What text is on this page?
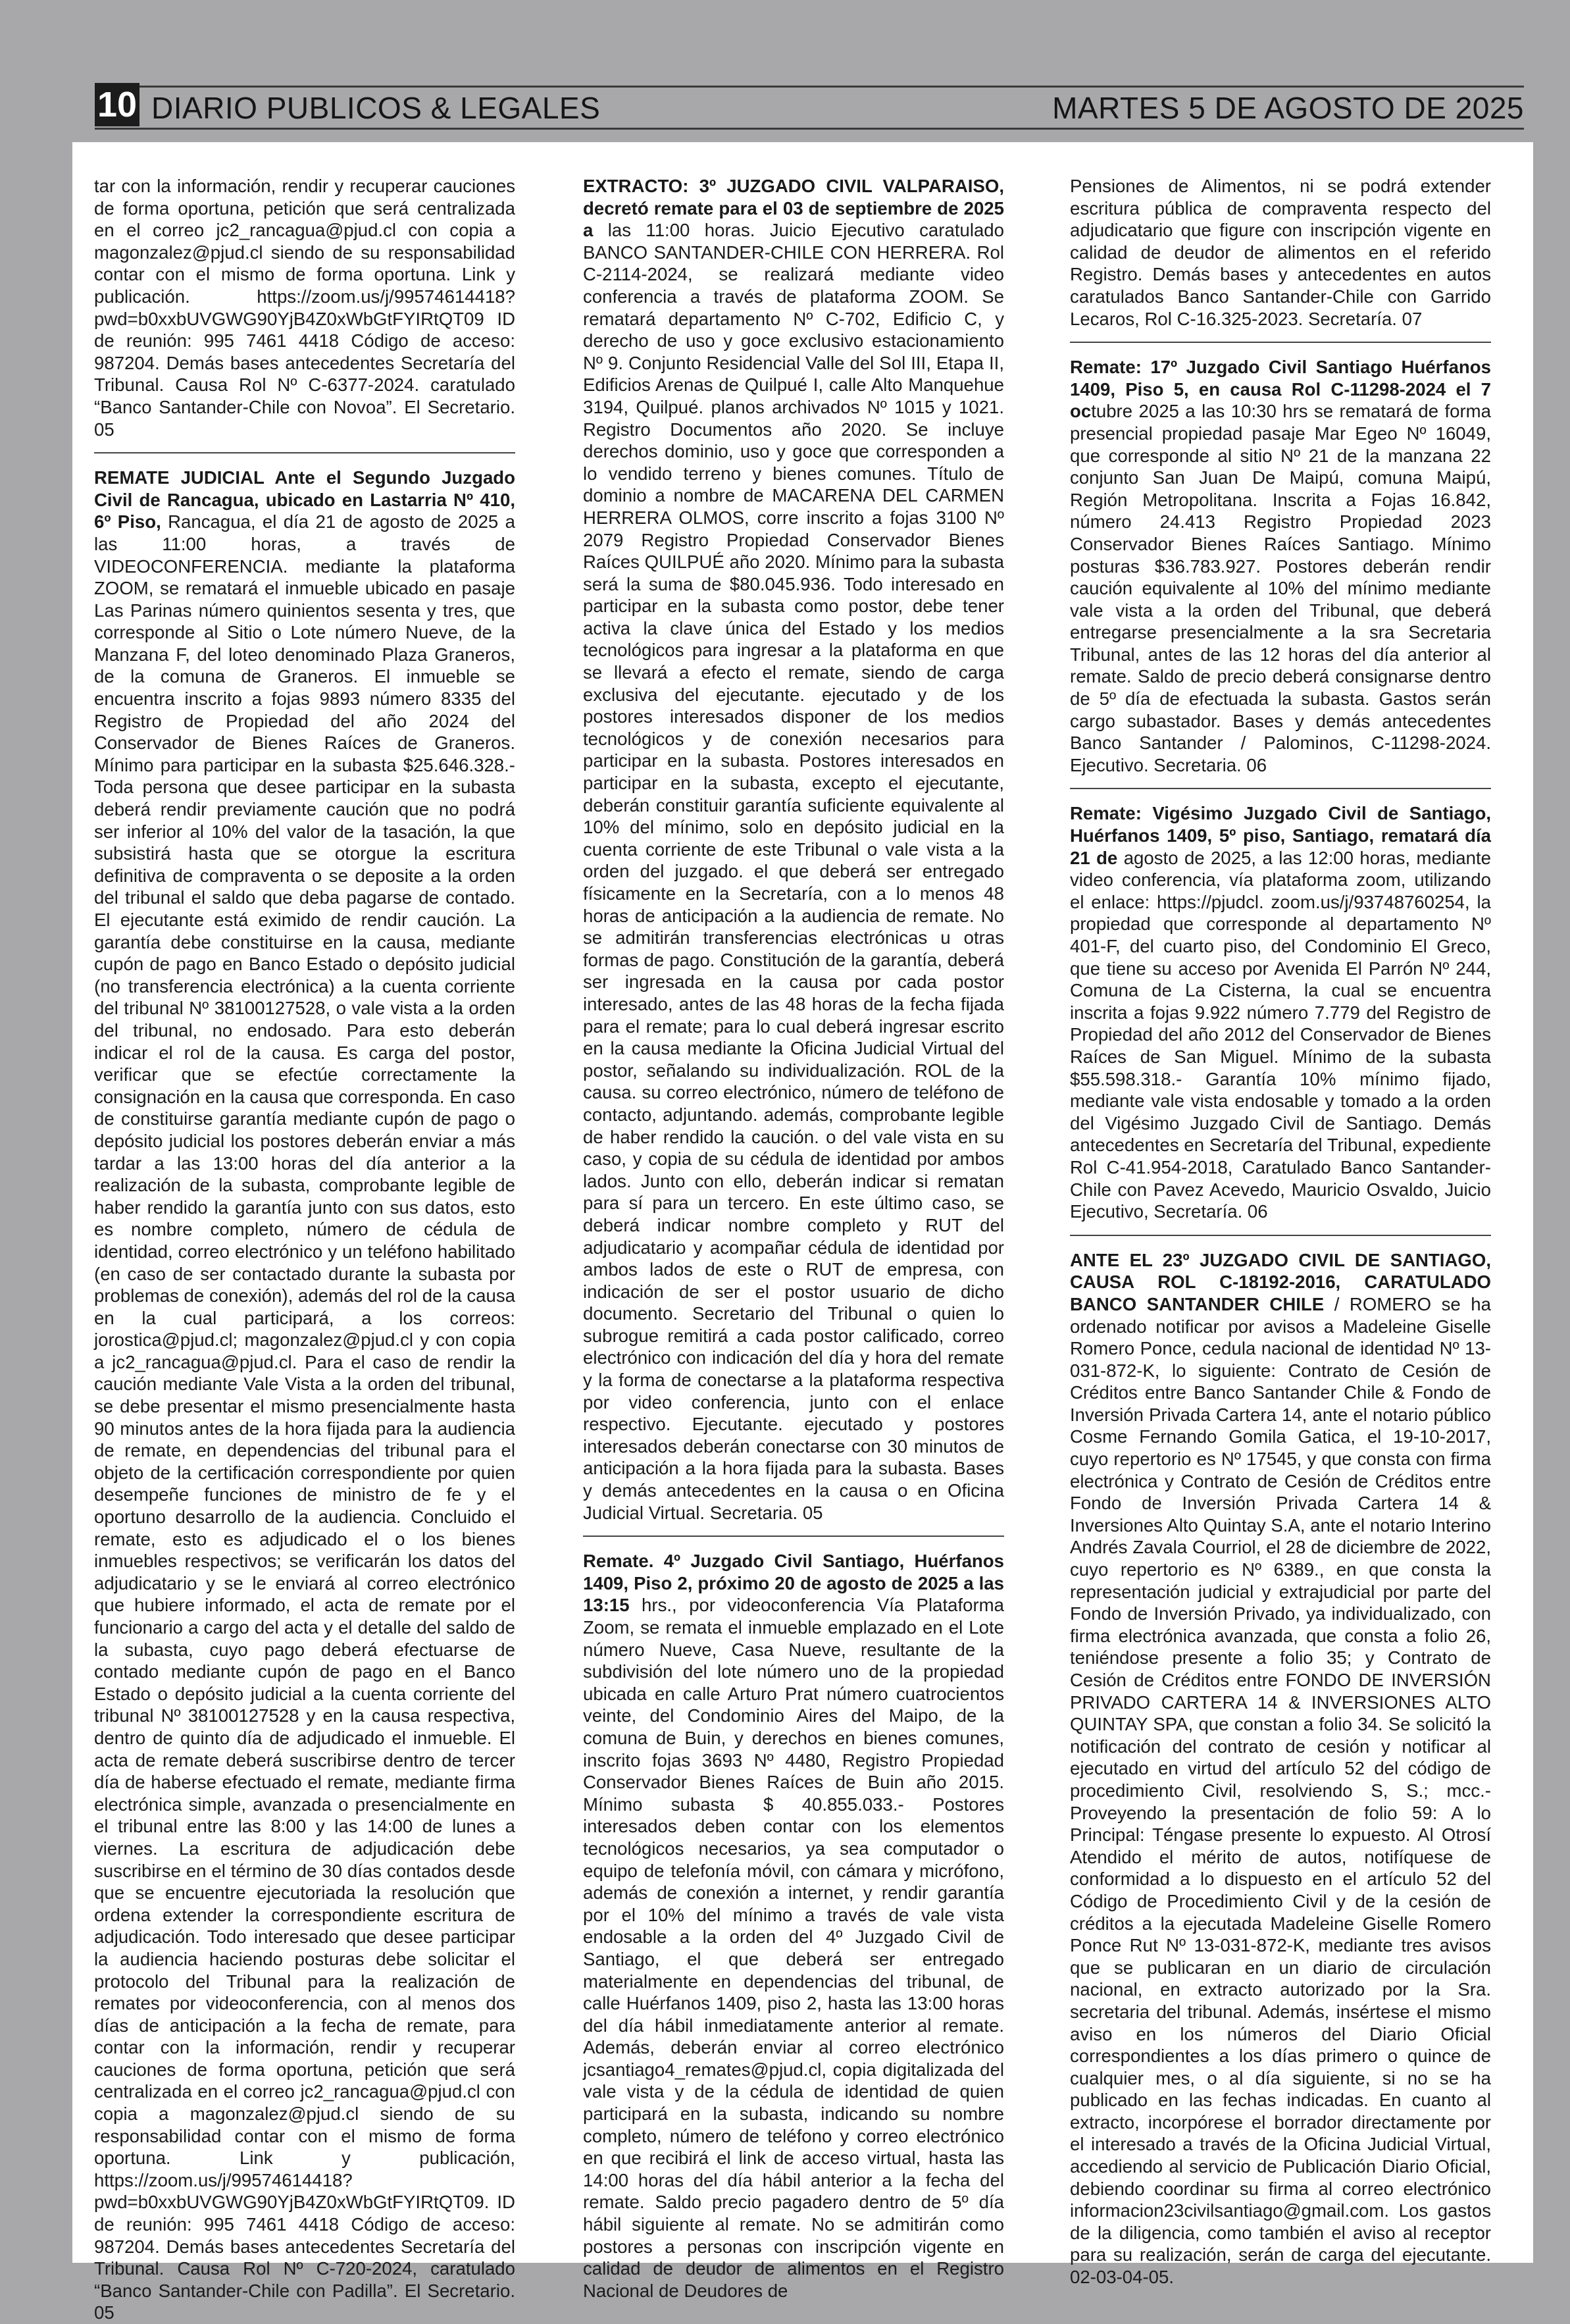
10 DIARIO PUBLICOS & LEGALES	MARTES 5 DE AGOSTO DE 2025

tar con la información, rendir y recuperar cauciones de forma oportuna, petición que será centralizada en el correo jc2_rancagua@pjud.cl con copia a magonzalez@pjud.cl siendo de su responsabilidad contar con el mismo de forma oportuna. Link y publicación. https://zoom.us/j/99574614418?pwd=b0xxbUVGWG90YjB4Z0xWbGtFYIRtQT09 ID de reunión: 995 7461 4418 Código de acceso: 987204. Demás bases antecedentes Secretaría del Tribunal. Causa Rol Nº C-6377-2024. caratulado “Banco Santander-Chile con Novoa”. El Secretario. 05

REMATE JUDICIAL Ante el Segundo Juzgado Civil de Rancagua, ubicado en Lastarria Nº 410, 6º Piso, Rancagua, el día 21 de agosto de 2025 a las 11:00 horas, a través de VIDEOCONFERENCIA. mediante la plataforma ZOOM, se rematará el inmueble ubicado en pasaje Las Parinas número quinientos sesenta y tres, que corresponde al Sitio o Lote número Nueve, de la Manzana F, del loteo denominado Plaza Graneros, de la comuna de Graneros. El inmueble se encuentra inscrito a fojas 9893 número 8335 del Registro de Propiedad del año 2024 del Conservador de Bienes Raíces de Graneros. Mínimo para participar en la subasta $25.646.328.- Toda persona que desee participar en la subasta deberá rendir previamente caución que no podrá ser inferior al 10% del valor de la tasación, la que subsistirá hasta que se otorgue la escritura definitiva de compraventa o se deposite a la orden del tribunal el saldo que deba pagarse de contado. El ejecutante está eximido de rendir caución. La garantía debe constituirse en la causa, mediante cupón de pago en Banco Estado o depósito judicial (no transferencia electrónica) a la cuenta corriente del tribunal Nº 38100127528, o vale vista a la orden del tribunal, no endosado. Para esto deberán indicar el rol de la causa. Es carga del postor, verificar que se efectúe correctamente la consignación en la causa que corresponda. En caso de constituirse garantía mediante cupón de pago o depósito judicial los postores deberán enviar a más tardar a las 13:00 horas del día anterior a la realización de la subasta, comprobante legible de haber rendido la garantía junto con sus datos, esto es nombre completo, número de cédula de identidad, correo electrónico y un teléfono habilitado (en caso de ser contactado durante la subasta por problemas de conexión), además del rol de la causa en la cual participará, a los correos: jorostica@pjud.cl; magonzalez@pjud.cl y con copia a jc2_rancagua@pjud.cl. Para el caso de rendir la caución mediante Vale Vista a la orden del tribunal, se debe presentar el mismo presencialmente hasta 90 minutos antes de la hora fijada para la audiencia de remate, en dependencias del tribunal para el objeto de la certificación correspondiente por quien desempeñe funciones de ministro de fe y el oportuno desarrollo de la audiencia. Concluido el remate, esto es adjudicado el o los bienes inmuebles respectivos; se verificarán los datos del adjudicatario y se le enviará al correo electrónico que hubiere informado, el acta de remate por el funcionario a cargo del acta y el detalle del saldo de la subasta, cuyo pago deberá efectuarse de contado mediante cupón de pago en el Banco Estado o depósito judicial a la cuenta corriente del tribunal Nº 38100127528 y en la causa respectiva, dentro de quinto día de adjudicado el inmueble. El acta de remate deberá suscribirse dentro de tercer día de haberse efectuado el remate, mediante firma electrónica simple, avanzada o presencialmente en el tribunal entre las 8:00 y las 14:00 de lunes a viernes. La escritura de adjudicación debe suscribirse en el término de 30 días contados desde que se encuentre ejecutoriada la resolución que ordena extender la correspondiente escritura de adjudicación. Todo interesado que desee participar la audiencia haciendo posturas debe solicitar el protocolo del Tribunal para la realización de remates por videoconferencia, con al menos dos días de anticipación a la fecha de remate, para contar con la información, rendir y recuperar cauciones de forma oportuna, petición que será centralizada en el correo jc2_rancagua@pjud.cl con copia a magonzalez@pjud.cl siendo de su responsabilidad contar con el mismo de forma oportuna. Link y publicación, https://zoom.us/j/99574614418?pwd=b0xxbUVGWG90YjB4Z0xWbGtFYIRtQT09. ID de reunión: 995 7461 4418 Código de acceso: 987204. Demás bases antecedentes Secretaría del Tribunal. Causa Rol Nº C-720-2024, caratulado “Banco Santander-Chile con Padilla”. El Secretario. 05

EXTRACTO: 3º JUZGADO CIVIL VALPARAISO, decretó remate para el 03 de septiembre de 2025 a las 11:00 horas. Juicio Ejecutivo caratulado BANCO SANTANDER-CHILE CON HERRERA. Rol C-2114-2024, se realizará mediante video conferencia a través de plataforma ZOOM. Se rematará departamento Nº C-702, Edificio C, y derecho de uso y goce exclusivo estacionamiento Nº 9. Conjunto Residencial Valle del Sol III, Etapa II, Edificios Arenas de Quilpué I, calle Alto Manquehue 3194, Quilpué. planos archivados Nº 1015 y 1021. Registro Documentos año 2020. Se incluye derechos dominio, uso y goce que corresponden a lo vendido terreno y bienes comunes. Título de dominio a nombre de MACARENA DEL CARMEN HERRERA OLMOS, corre inscrito a fojas 3100 Nº 2079 Registro Propiedad Conservador Bienes Raíces QUILPUÉ año 2020. Mínimo para la subasta será la suma de $80.045.936. Todo interesado en participar en la subasta como postor, debe tener activa la clave única del Estado y los medios tecnológicos para ingresar a la plataforma en que se llevará a efecto el remate, siendo de carga exclusiva del ejecutante. ejecutado y de los postores interesados disponer de los medios tecnológicos y de conexión necesarios para participar en la subasta. Postores interesados en participar en la subasta, excepto el ejecutante, deberán constituir garantía suficiente equivalente al 10% del mínimo, solo en depósito judicial en la cuenta corriente de este Tribunal o vale vista a la orden del juzgado. el que deberá ser entregado físicamente en la Secretaría, con a lo menos 48 horas de anticipación a la audiencia de remate. No se admitirán transferencias electrónicas u otras formas de pago. Constitución de la garantía, deberá ser ingresada en la causa por cada postor interesado, antes de las 48 horas de la fecha fijada para el remate; para lo cual deberá ingresar escrito en la causa mediante la Oficina Judicial Virtual del postor, señalando su individualización. ROL de la causa. su correo electrónico, número de teléfono de contacto, adjuntando. además, comprobante legible de haber rendido la caución. o del vale vista en su caso, y copia de su cédula de identidad por ambos lados. Junto con ello, deberán indicar si rematan para sí para un tercero. En este último caso, se deberá indicar nombre completo y RUT del adjudicatario y acompañar cédula de identidad por ambos lados de este o RUT de empresa, con indicación de ser el postor usuario de dicho documento. Secretario del Tribunal o quien lo subrogue remitirá a cada postor calificado, correo electrónico con indicación del día y hora del remate y la forma de conectarse a la plataforma respectiva por video conferencia, junto con el enlace respectivo. Ejecutante. ejecutado y postores interesados deberán conectarse con 30 minutos de anticipación a la hora fijada para la subasta. Bases y demás antecedentes en la causa o en Oficina Judicial Virtual. Secretaria. 05

Remate. 4º Juzgado Civil Santiago, Huérfanos 1409, Piso 2, próximo 20 de agosto de 2025 a las 13:15 hrs., por videoconferencia Vía Plataforma Zoom, se remata el inmueble emplazado en el Lote número Nueve, Casa Nueve, resultante de la subdivisión del lote número uno de la propiedad ubicada en calle Arturo Prat número cuatrocientos veinte, del Condominio Aires del Maipo, de la comuna de Buin, y derechos en bienes comunes, inscrito fojas 3693 Nº 4480, Registro Propiedad Conservador Bienes Raíces de Buin año 2015. Mínimo subasta $ 40.855.033.- Postores interesados deben contar con los elementos tecnológicos necesarios, ya sea computador o equipo de telefonía móvil, con cámara y micrófono, además de conexión a internet, y rendir garantía por el 10% del mínimo a través de vale vista endosable a la orden del 4º Juzgado Civil de Santiago, el que deberá ser entregado materialmente en dependencias del tribunal, de calle Huérfanos 1409, piso 2, hasta las 13:00 horas del día hábil inmediatamente anterior al remate. Además, deberán enviar al correo electrónico jcsantiago4_remates@pjud.cl, copia digitalizada del vale vista y de la cédula de identidad de quien participará en la subasta, indicando su nombre completo, número de teléfono y correo electrónico en que recibirá el link de acceso virtual, hasta las 14:00 horas del día hábil anterior a la fecha del remate. Saldo precio pagadero dentro de 5º día hábil siguiente al remate. No se admitirán como postores a personas con inscripción vigente en calidad de deudor de alimentos en el Registro Nacional de Deudores de

Pensiones de Alimentos, ni se podrá extender escritura pública de compraventa respecto del adjudicatario que figure con inscripción vigente en calidad de deudor de alimentos en el referido Registro. Demás bases y antecedentes en autos caratulados Banco Santander-Chile con Garrido Lecaros, Rol C-16.325-2023. Secretaría. 07

Remate: 17º Juzgado Civil Santiago Huérfanos 1409, Piso 5, en causa Rol C-11298-2024 el 7 octubre 2025 a las 10:30 hrs se rematará de forma presencial propiedad pasaje Mar Egeo Nº 16049, que corresponde al sitio Nº 21 de la manzana 22 conjunto San Juan De Maipú, comuna Maipú, Región Metropolitana. Inscrita a Fojas 16.842, número 24.413 Registro Propiedad 2023 Conservador Bienes Raíces Santiago. Mínimo posturas $36.783.927. Postores deberán rendir caución equivalente al 10% del mínimo mediante vale vista a la orden del Tribunal, que deberá entregarse presencialmente a la sra Secretaria Tribunal, antes de las 12 horas del día anterior al remate. Saldo de precio deberá consignarse dentro de 5º día de efectuada la subasta. Gastos serán cargo subastador. Bases y demás antecedentes Banco Santander / Palominos, C-11298-2024. Ejecutivo. Secretaria. 06

Remate: Vigésimo Juzgado Civil de Santiago, Huérfanos 1409, 5º piso, Santiago, rematará día 21 de agosto de 2025, a las 12:00 horas, mediante video conferencia, vía plataforma zoom, utilizando el enlace: https://pjudcl. zoom.us/j/93748760254, la propiedad que corresponde al departamento Nº 401-F, del cuarto piso, del Condominio El Greco, que tiene su acceso por Avenida El Parrón Nº 244, Comuna de La Cisterna, la cual se encuentra inscrita a fojas 9.922 número 7.779 del Registro de Propiedad del año 2012 del Conservador de Bienes Raíces de San Miguel. Mínimo de la subasta $55.598.318.- Garantía 10% mínimo fijado, mediante vale vista endosable y tomado a la orden del Vigésimo Juzgado Civil de Santiago. Demás antecedentes en Secretaría del Tribunal, expediente Rol C-41.954-2018, Caratulado Banco Santander- Chile con Pavez Acevedo, Mauricio Osvaldo, Juicio Ejecutivo, Secretaría. 06

ANTE EL 23º JUZGADO CIVIL DE SANTIAGO, CAUSA ROL C-18192-2016, CARATULADO BANCO SANTANDER CHILE / ROMERO se ha ordenado notificar por avisos a Madeleine Giselle Romero Ponce, cedula nacional de identidad Nº 13-031-872-K, lo siguiente: Contrato de Cesión de Créditos entre Banco Santander Chile & Fondo de Inversión Privada Cartera 14, ante el notario público Cosme Fernando Gomila Gatica, el 19-10-2017, cuyo repertorio es Nº 17545, y que consta con firma electrónica y Contrato de Cesión de Créditos entre Fondo de Inversión Privada Cartera 14 & Inversiones Alto Quintay S.A, ante el notario Interino Andrés Zavala Courriol, el 28 de diciembre de 2022, cuyo repertorio es Nº 6389., en que consta la representación judicial y extrajudicial por parte del Fondo de Inversión Privado, ya individualizado, con firma electrónica avanzada, que consta a folio 26, teniéndose presente a folio 35; y Contrato de Cesión de Créditos entre FONDO DE INVERSIÓN PRIVADO CARTERA 14 & INVERSIONES ALTO QUINTAY SPA, que constan a folio 34. Se solicitó la notificación del contrato de cesión y notificar al ejecutado en virtud del artículo 52 del código de procedimiento Civil, resolviendo S, S.; mcc.- Proveyendo la presentación de folio 59: A lo Principal: Téngase presente lo expuesto. Al Otrosí Atendido el mérito de autos, notifíquese de conformidad a lo dispuesto en el artículo 52 del Código de Procedimiento Civil y de la cesión de créditos a la ejecutada Madeleine Giselle Romero Ponce Rut Nº 13-031-872-K, mediante tres avisos que se publicaran en un diario de circulación nacional, en extracto autorizado por la Sra. secretaria del tribunal. Además, insértese el mismo aviso en los números del Diario Oficial correspondientes a los días primero o quince de cualquier mes, o al día siguiente, si no se ha publicado en las fechas indicadas. En cuanto al extracto, incorpórese el borrador directamente por el interesado a través de la Oficina Judicial Virtual, accediendo al servicio de Publicación Diario Oficial, debiendo coordinar su firma al correo electrónico informacion23civilsantiago@gmail.com. Los gastos de la diligencia, como también el aviso al receptor para su realización, serán de carga del ejecutante. 02-03-04-05.
